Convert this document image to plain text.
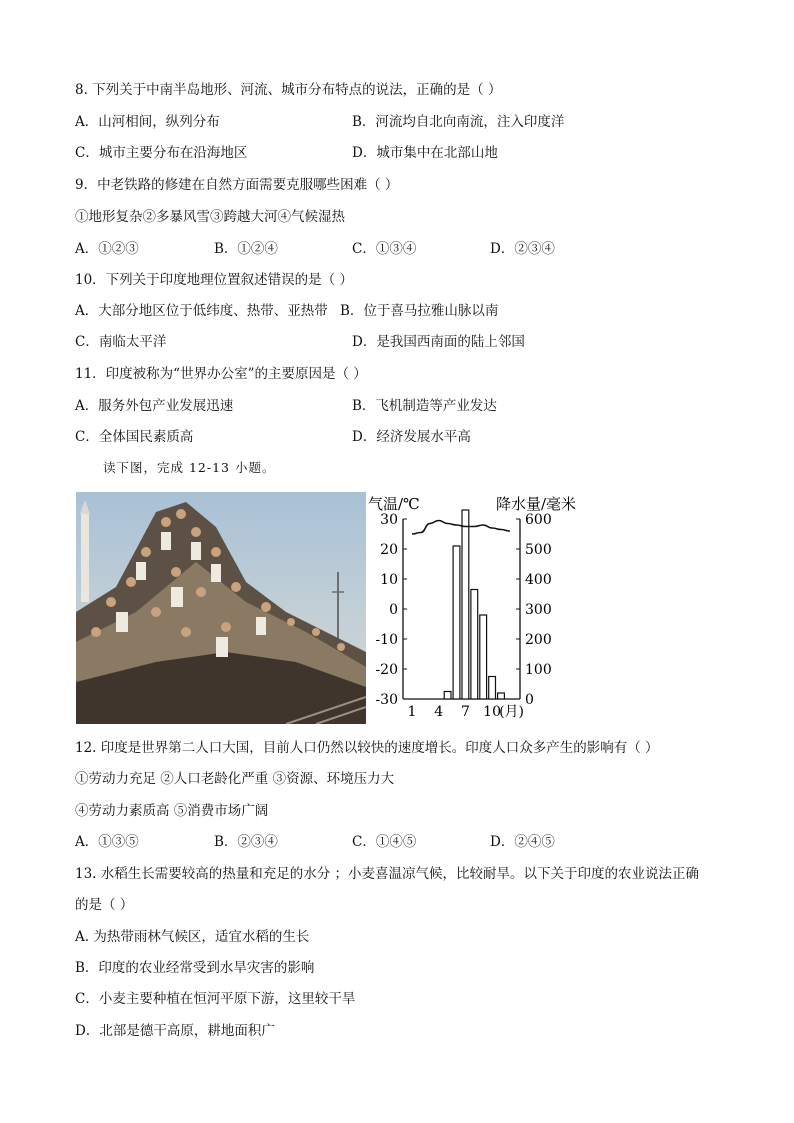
8. 下列关于中南半岛地形、河流、城市分布特点的说法，正确的是（ ）
A．山河相间，纵列分布	B．河流均自北向南流，注入印度洋
C．城市主要分布在沿海地区	D．城市集中在北部山地
9．中老铁路的修建在自然方面需要克服哪些困难（ ）
①地形复杂②多暴风雪③跨越大河④气候湿热
A．①②③	B．①②④	C．①③④	D．②③④
10．下列关于印度地理位置叙述错误的是（ ）
A．大部分地区位于低纬度、热带、亚热带 B．位于喜马拉雅山脉以南
C．南临太平洋	D．是我国西南面的陆上邻国
11．印度被称为“世界办公室”的主要原因是（ ）
A．服务外包产业发展迅速	B．飞机制造等产业发达
C．全体国民素质高	D．经济发展水平高
读下图，完成 12-13 小题。
气温/℃	降水量/毫米
30
20
10
0
-10
-20
-30
600
500
400
300
200
100
0
1 4 7 10
(月)
12. 印度是世界第二人口大国，目前人口仍然以较快的速度增长。印度人口众多产生的影响有（ ）
①劳动力充足 ②人口老龄化严重 ③资源、环境压力大
④劳动力素质高 ⑤消费市场广阔
A．①③⑤	B．②③④	C．①④⑤	D．②④⑤
13. 水稻生长需要较高的热量和充足的水分 ；小麦喜温凉气候，比较耐旱。以下关于印度的农业说法正确
的是（ ）
A. 为热带雨林气候区，适宜水稻的生长
B．印度的农业经常受到水旱灾害的影响
C．小麦主要种植在恒河平原下游，这里较干旱
D．北部是德干高原，耕地面积广
